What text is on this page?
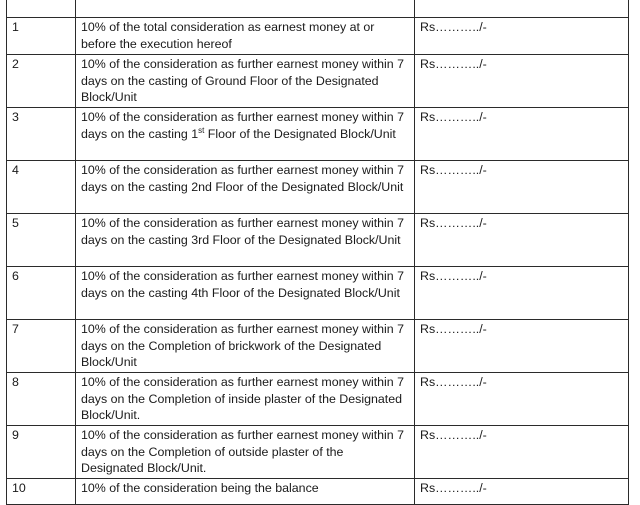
1	10% of the total consideration as earnest money at or before the execution hereof	Rs………../-
2	10% of the consideration as further earnest money within 7 days on the casting of Ground Floor of the Designated Block/Unit	Rs………../-
3	10% of the consideration as further earnest money within 7 days on the casting 1st Floor of the Designated Block/Unit	Rs………../-
4	10% of the consideration as further earnest money within 7 days on the casting 2nd Floor of the Designated Block/Unit	Rs………../-
5	10% of the consideration as further earnest money within 7 days on the casting 3rd Floor of the Designated Block/Unit	Rs………../-
6	10% of the consideration as further earnest money within 7 days on the casting 4th Floor of the Designated Block/Unit	Rs………../-
7	10% of the consideration as further earnest money within 7 days on the Completion of brickwork of the Designated Block/Unit	Rs………../-
8	10% of the consideration as further earnest money within 7 days on the Completion of inside plaster of the Designated Block/Unit.	Rs………../-
9	10% of the consideration as further earnest money within 7 days on the Completion of outside plaster of the Designated Block/Unit.	Rs………../-
10	10% of the consideration being the balance	Rs………../-
